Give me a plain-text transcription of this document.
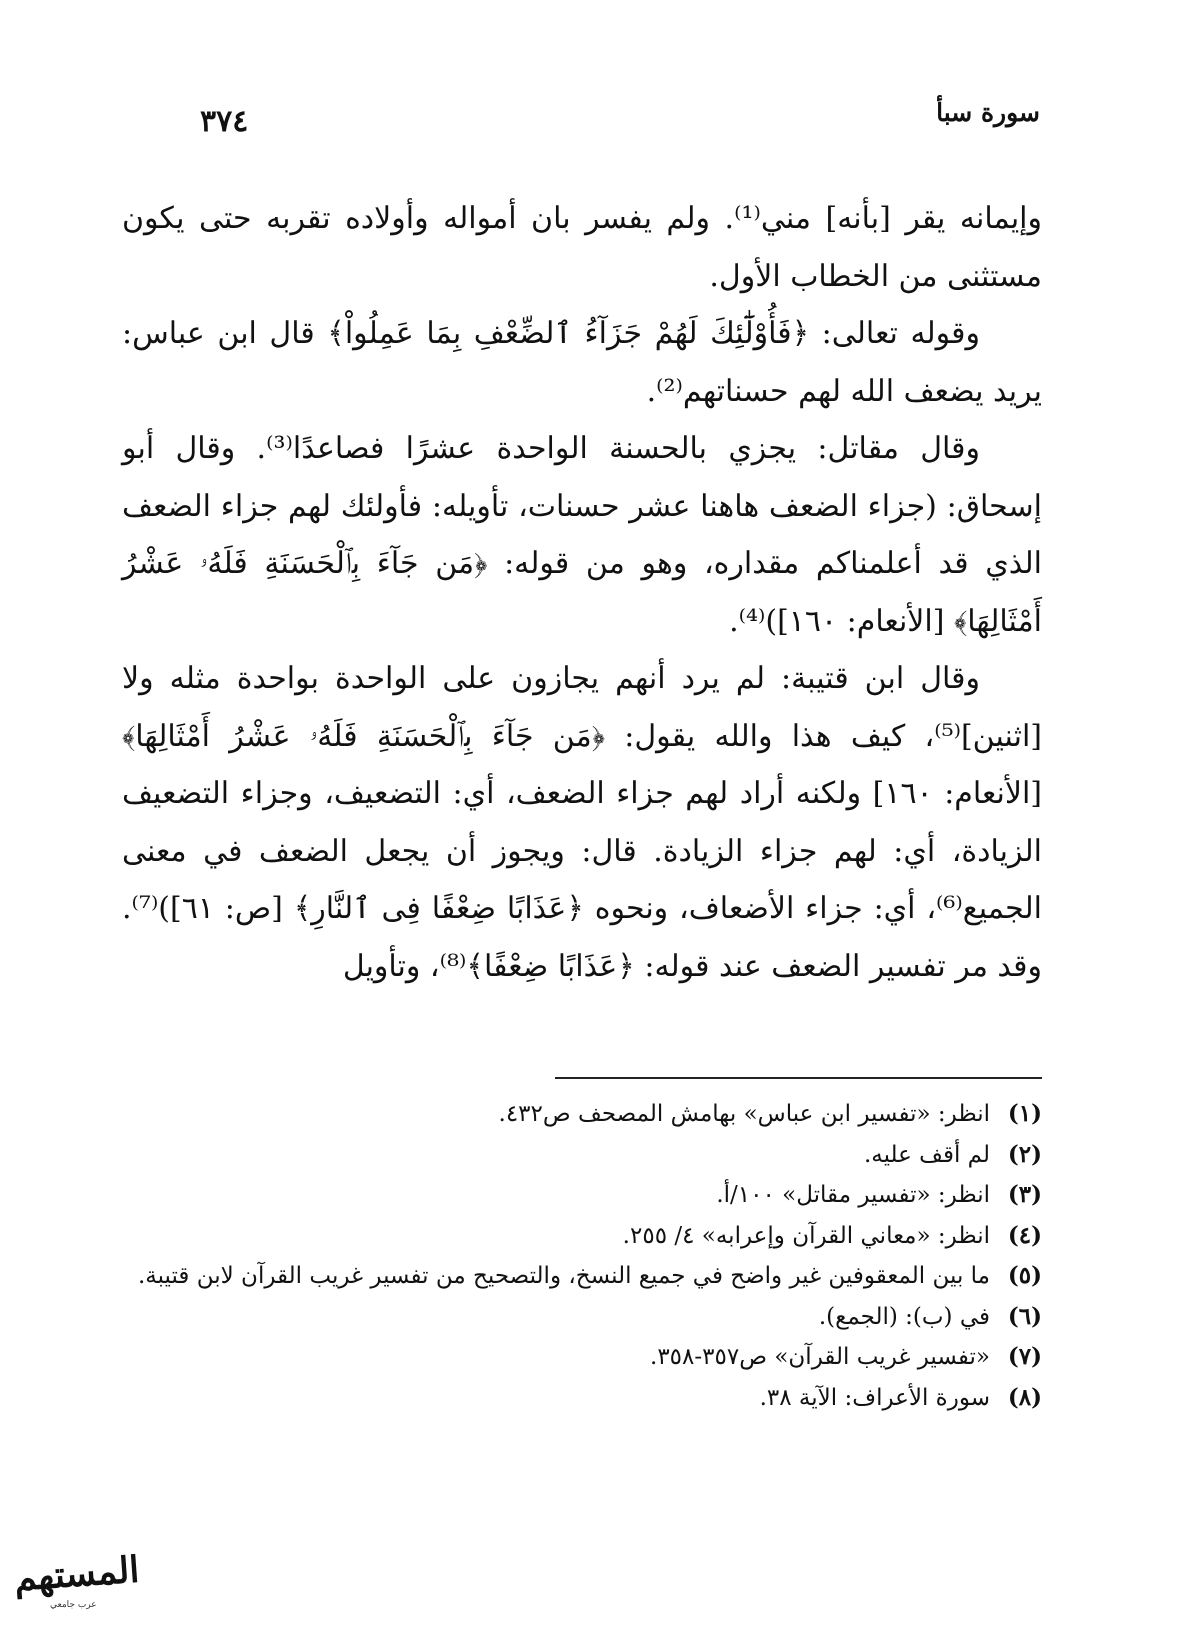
سورة سبأ
٣٧٤

وإيمانه يقر [بأنه] مني⁽¹⁾. ولم يفسر بان أمواله وأولاده تقربه حتى يكون مستثنى من الخطاب الأول.

وقوله تعالى: ﴿فَأُوْلَٰٓئِكَ لَهُمْ جَزَآءُ ٱلضِّعْفِ بِمَا عَمِلُواْ﴾ قال ابن عباس: يريد يضعف الله لهم حسناتهم⁽²⁾.

وقال مقاتل: يجزي بالحسنة الواحدة عشرًا فصاعدًا⁽³⁾. وقال أبو إسحاق: (جزاء الضعف هاهنا عشر حسنات، تأويله: فأولئك لهم جزاء الضعف الذي قد أعلمناكم مقداره، وهو من قوله: ﴿مَن جَآءَ بِٱلْحَسَنَةِ فَلَهُۥ عَشْرُ أَمْثَالِهَا﴾ [الأنعام: ١٦٠])⁽⁴⁾.

وقال ابن قتيبة: لم يرد أنهم يجازون على الواحدة بواحدة مثله ولا [اثنين]⁽⁵⁾، كيف هذا والله يقول: ﴿مَن جَآءَ بِٱلْحَسَنَةِ فَلَهُۥ عَشْرُ أَمْثَالِهَا﴾ [الأنعام: ١٦٠] ولكنه أراد لهم جزاء الضعف، أي: التضعيف، وجزاء التضعيف الزيادة، أي: لهم جزاء الزيادة. قال: ويجوز أن يجعل الضعف في معنى الجميع⁽⁶⁾، أي: جزاء الأضعاف، ونحوه ﴿عَذَابًا ضِعْفًا فِى ٱلنَّارِ﴾ [ص: ٦١])⁽⁷⁾. وقد مر تفسير الضعف عند قوله: ﴿عَذَابًا ضِعْفًا﴾⁽⁸⁾، وتأويل

(١)
انظر: «تفسير ابن عباس» بهامش المصحف ص٤٣٢.
(٢)
لم أقف عليه.
(٣)
انظر: «تفسير مقاتل» ١٠٠/أ.
(٤)
انظر: «معاني القرآن وإعرابه» ٤/ ٢٥٥.
(٥)
ما بين المعقوفين غير واضح في جميع النسخ، والتصحيح من تفسير غريب القرآن لابن قتيبة.
(٦)
في (ب): (الجمع).
(٧)
«تفسير غريب القرآن» ص٣٥٧-٣٥٨.
(٨)
سورة الأعراف: الآية ٣٨.
المستهم
عرب جامعي
